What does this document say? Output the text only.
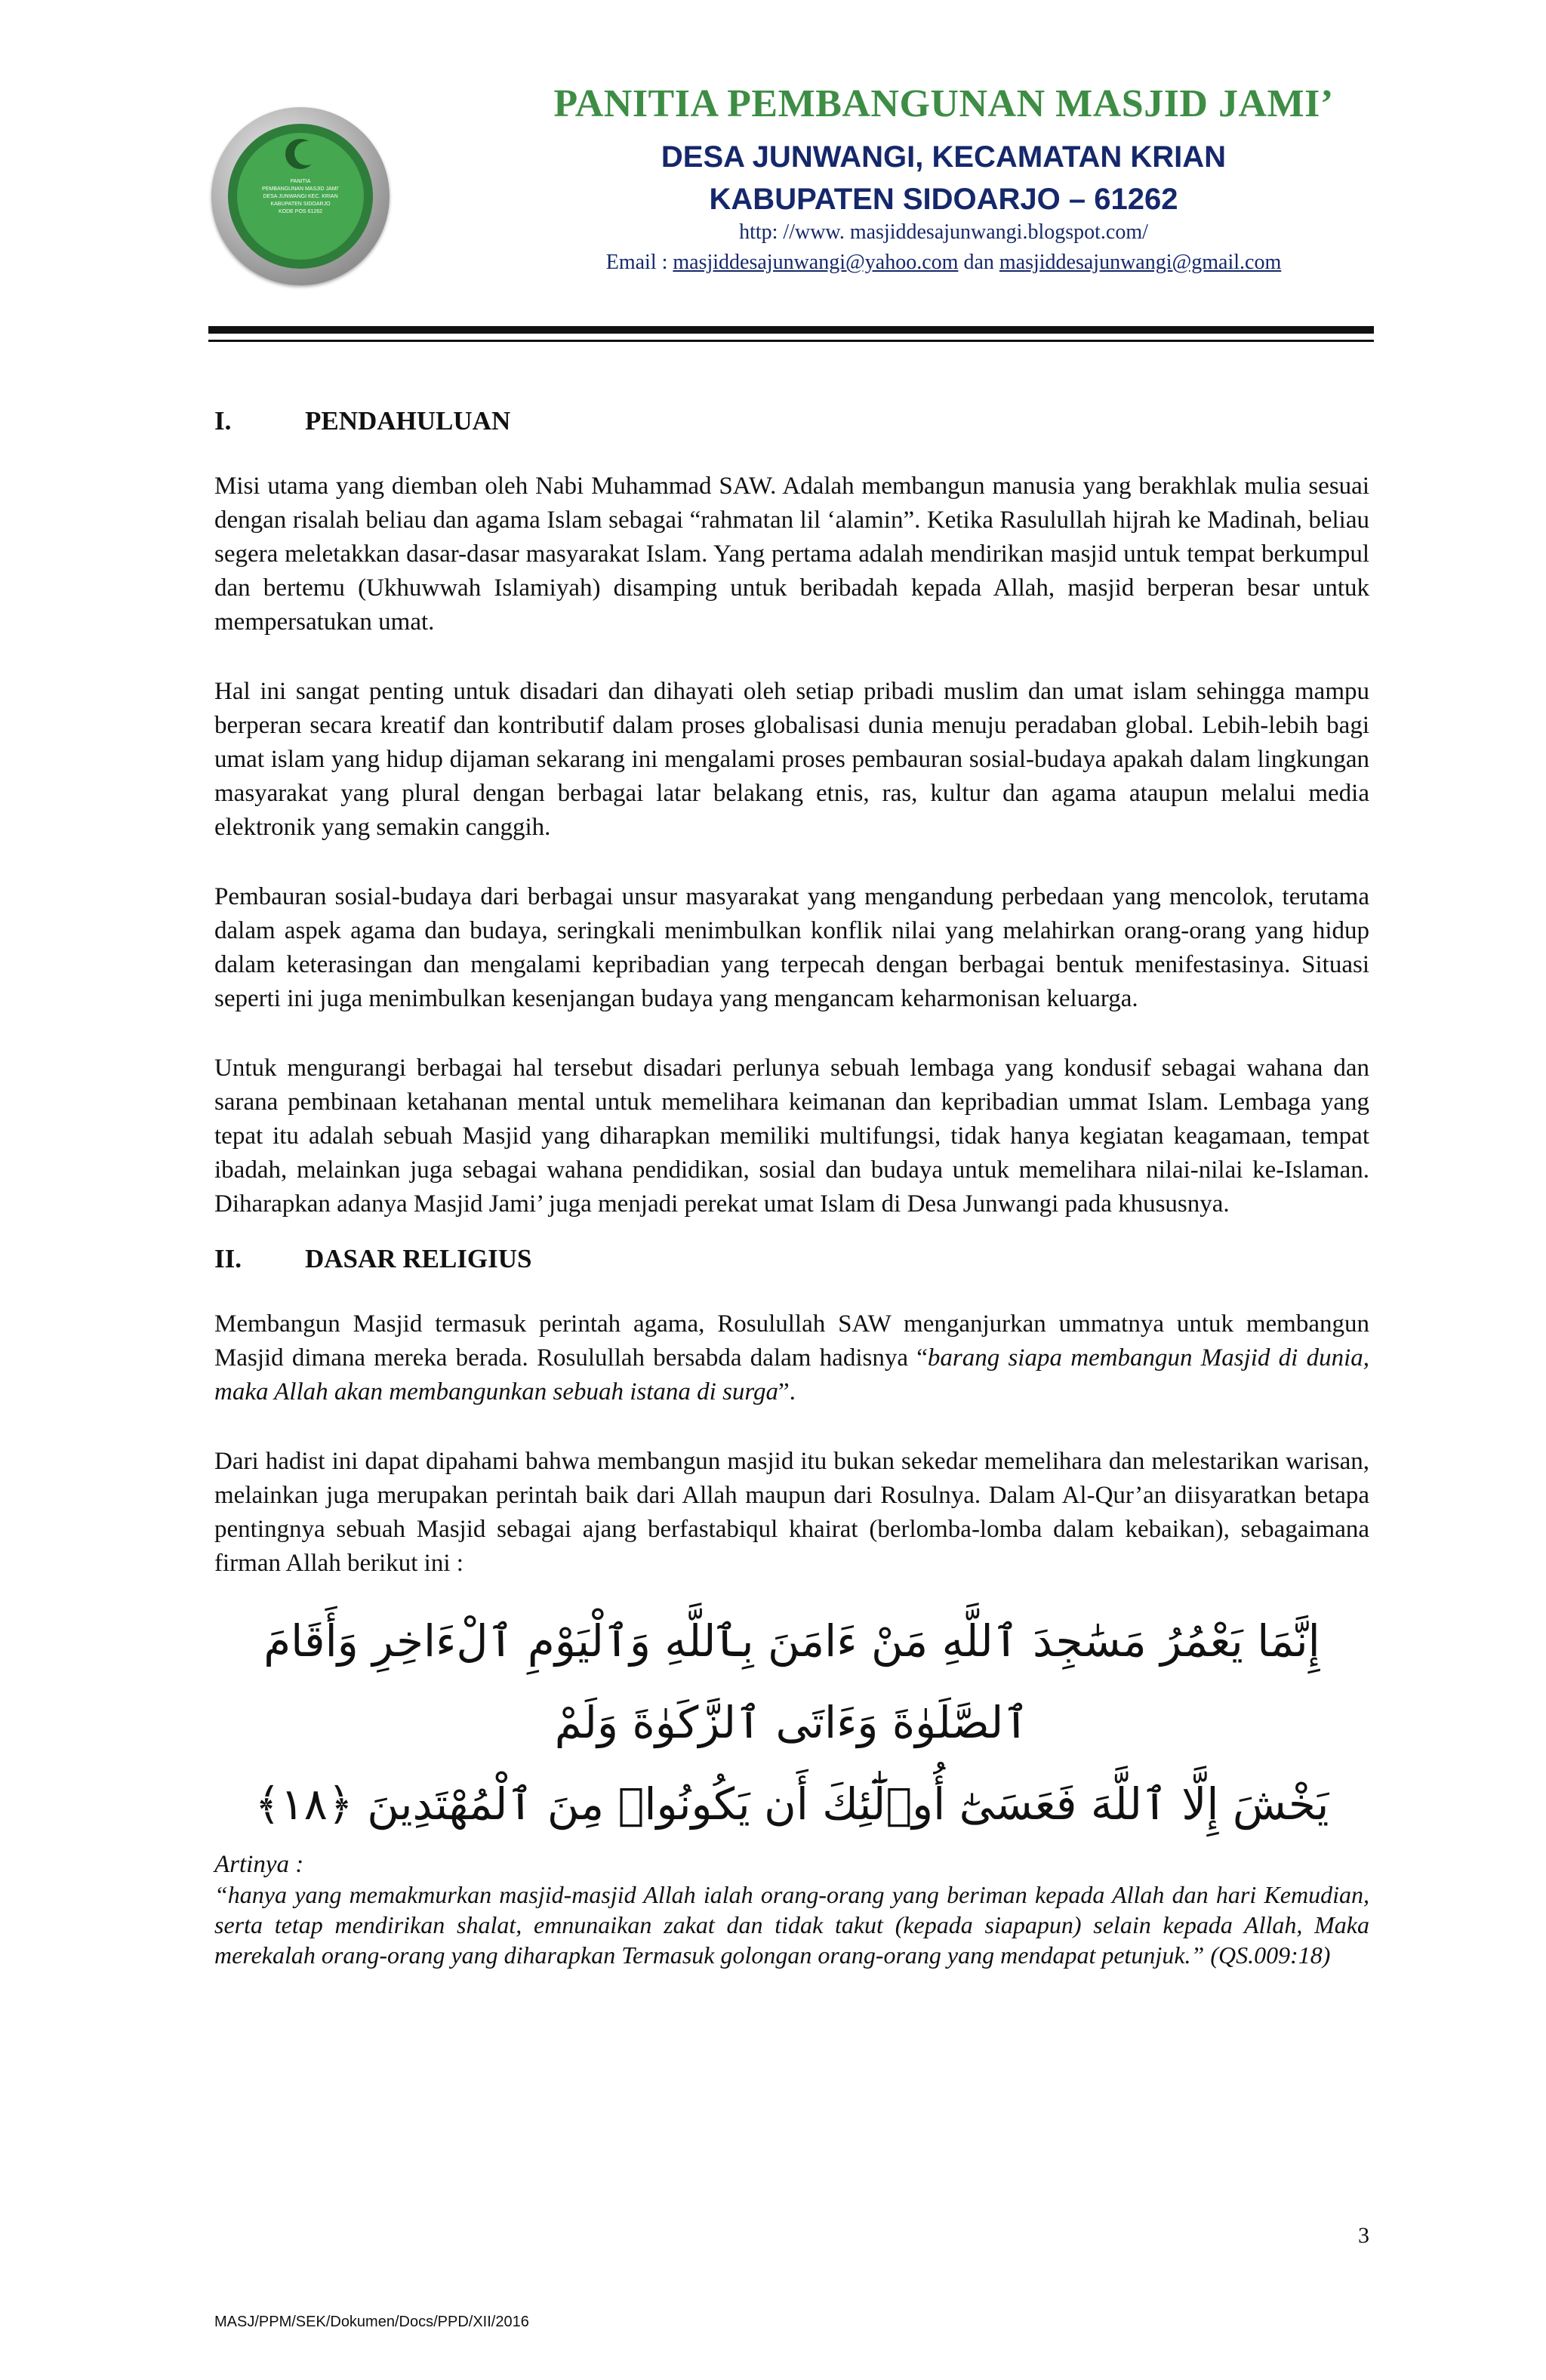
PANITIA
PEMBANGUNAN MASJID JAMI'
DESA JUNWANGI KEC. KRIAN
KABUPATEN SIDOARJO
KODE POS 61262
PANITIA PEMBANGUNAN MASJID JAMI’
DESA JUNWANGI, KECAMATAN KRIAN
KABUPATEN SIDOARJO – 61262
http: //www. masjiddesajunwangi.blogspot.com/
Email : masjiddesajunwangi@yahoo.com dan masjiddesajunwangi@gmail.com
I.	PENDAHULUAN

Misi utama yang diemban oleh Nabi Muhammad SAW. Adalah membangun manusia yang berakhlak mulia sesuai dengan risalah beliau dan agama Islam sebagai “rahmatan lil ‘alamin”. Ketika Rasulullah hijrah ke Madinah, beliau segera meletakkan dasar-dasar masyarakat Islam. Yang pertama adalah mendirikan masjid untuk tempat berkumpul dan bertemu (Ukhuwwah Islamiyah) disamping untuk beribadah kepada Allah, masjid berperan besar untuk mempersatukan umat.

Hal ini sangat penting untuk disadari dan dihayati oleh setiap pribadi muslim dan umat islam sehingga mampu berperan secara kreatif dan kontributif dalam proses globalisasi dunia menuju peradaban global. Lebih-lebih bagi umat islam yang hidup dijaman sekarang ini mengalami proses pembauran sosial-budaya apakah dalam lingkungan masyarakat yang plural dengan berbagai latar belakang etnis, ras, kultur dan agama ataupun melalui media elektronik yang semakin canggih.

Pembauran sosial-budaya dari berbagai unsur masyarakat yang mengandung perbedaan yang mencolok, terutama dalam aspek agama dan budaya, seringkali menimbulkan konflik nilai yang melahirkan orang-orang yang hidup dalam keterasingan dan mengalami kepribadian yang terpecah dengan berbagai bentuk menifestasinya. Situasi seperti ini juga menimbulkan kesenjangan budaya yang mengancam keharmonisan keluarga.

Untuk mengurangi berbagai hal tersebut disadari perlunya sebuah lembaga yang kondusif sebagai wahana dan sarana pembinaan ketahanan mental untuk memelihara keimanan dan kepribadian ummat Islam. Lembaga yang tepat itu adalah sebuah Masjid yang diharapkan memiliki multifungsi, tidak hanya kegiatan keagamaan, tempat ibadah, melainkan juga sebagai wahana pendidikan, sosial dan budaya untuk memelihara nilai-nilai ke-Islaman. Diharapkan adanya Masjid Jami’ juga menjadi perekat umat Islam di Desa Junwangi pada khususnya.

II. DASAR RELIGIUS

Membangun Masjid termasuk perintah agama, Rosulullah SAW menganjurkan ummatnya untuk membangun Masjid dimana mereka berada. Rosulullah bersabda dalam hadisnya “barang siapa membangun Masjid di dunia, maka Allah akan membangunkan sebuah istana di surga”.

Dari hadist ini dapat dipahami bahwa membangun masjid itu bukan sekedar memelihara dan melestarikan warisan, melainkan juga merupakan perintah baik dari Allah maupun dari Rosulnya. Dalam Al-Qur’an diisyaratkan betapa pentingnya sebuah Masjid sebagai ajang berfastabiqul khairat (berlomba-lomba dalam kebaikan), sebagaimana firman Allah berikut ini :

إِنَّمَا يَعْمُرُ مَسَٰجِدَ ٱللَّهِ مَنْ ءَامَنَ بِٱللَّهِ وَٱلْيَوْمِ ٱلْءَاخِرِ وَأَقَامَ ٱلصَّلَوٰةَ وَءَاتَى ٱلزَّكَوٰةَ وَلَمْ
يَخْشَ إِلَّا ٱللَّهَ فَعَسَىٰٓ أُو۟لَٰٓئِكَ أَن يَكُونُوا۟ مِنَ ٱلْمُهْتَدِينَ ﴿١٨﴾

Artinya :

“hanya yang memakmurkan masjid-masjid Allah ialah orang-orang yang beriman kepada Allah dan hari Kemudian, serta tetap mendirikan shalat, emnunaikan zakat dan tidak takut (kepada siapapun) selain kepada Allah, Maka merekalah orang-orang yang diharapkan Termasuk golongan orang-orang yang mendapat petunjuk.” (QS.009:18)

3
MASJ/PPM/SEK/Dokumen/Docs/PPD/XII/2016
